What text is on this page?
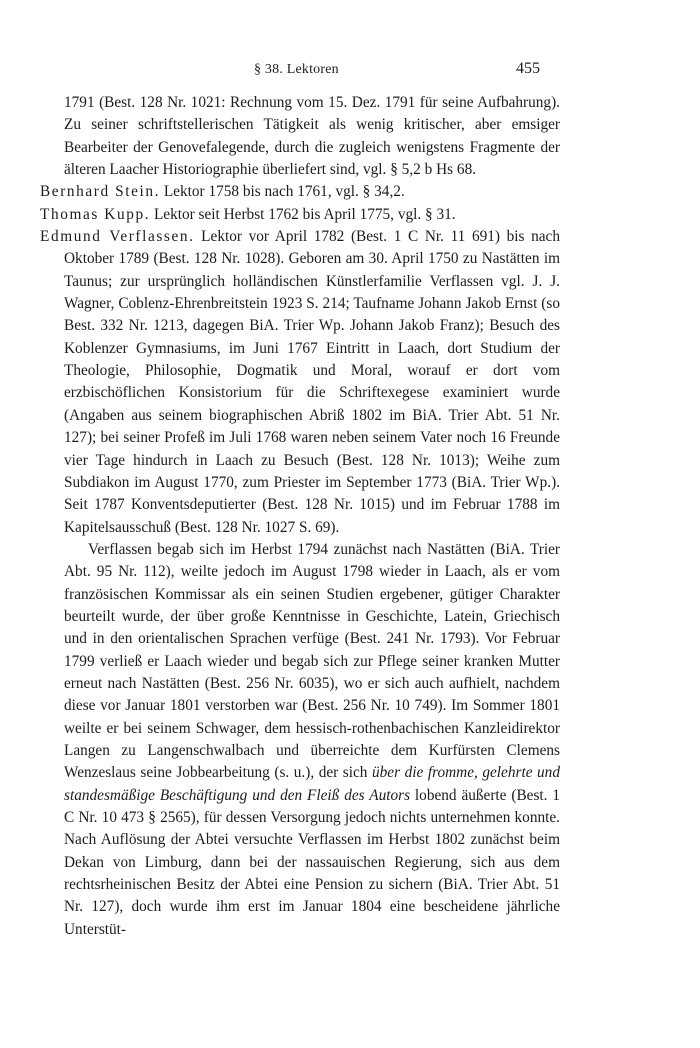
§ 38. Lektoren	455
1791 (Best. 128 Nr. 1021: Rechnung vom 15. Dez. 1791 für seine Aufbahrung). Zu seiner schriftstellerischen Tätigkeit als wenig kritischer, aber emsiger Bearbeiter der Genovefalegende, durch die zugleich wenigstens Fragmente der älteren Laacher Historiographie überliefert sind, vgl. § 5,2 b Hs 68.
Bernhard Stein. Lektor 1758 bis nach 1761, vgl. § 34,2.
Thomas Kupp. Lektor seit Herbst 1762 bis April 1775, vgl. § 31.
Edmund Verflassen. Lektor vor April 1782 (Best. 1 C Nr. 11 691) bis nach Oktober 1789 (Best. 128 Nr. 1028). Geboren am 30. April 1750 zu Nastätten im Taunus; zur ursprünglich holländischen Künstlerfamilie Verflassen vgl. J. J. Wagner, Coblenz-Ehrenbreitstein 1923 S. 214; Taufname Johann Jakob Ernst (so Best. 332 Nr. 1213, dagegen BiA. Trier Wp. Johann Jakob Franz); Besuch des Koblenzer Gymnasiums, im Juni 1767 Eintritt in Laach, dort Studium der Theologie, Philosophie, Dogmatik und Moral, worauf er dort vom erzbischöflichen Konsistorium für die Schriftexegese examiniert wurde (Angaben aus seinem biographischen Abriß 1802 im BiA. Trier Abt. 51 Nr. 127); bei seiner Profeß im Juli 1768 waren neben seinem Vater noch 16 Freunde vier Tage hindurch in Laach zu Besuch (Best. 128 Nr. 1013); Weihe zum Subdiakon im August 1770, zum Priester im September 1773 (BiA. Trier Wp.). Seit 1787 Konventsdeputierter (Best. 128 Nr. 1015) und im Februar 1788 im Kapitelsausschuß (Best. 128 Nr. 1027 S. 69).
Verflassen begab sich im Herbst 1794 zunächst nach Nastätten (BiA. Trier Abt. 95 Nr. 112), weilte jedoch im August 1798 wieder in Laach, als er vom französischen Kommissar als ein seinen Studien ergebener, gütiger Charakter beurteilt wurde, der über große Kenntnisse in Geschichte, Latein, Griechisch und in den orientalischen Sprachen verfüge (Best. 241 Nr. 1793). Vor Februar 1799 verließ er Laach wieder und begab sich zur Pflege seiner kranken Mutter erneut nach Nastätten (Best. 256 Nr. 6035), wo er sich auch aufhielt, nachdem diese vor Januar 1801 verstorben war (Best. 256 Nr. 10 749). Im Sommer 1801 weilte er bei seinem Schwager, dem hessisch-rothenbachischen Kanzleidirektor Langen zu Langenschwalbach und überreichte dem Kurfürsten Clemens Wenzeslaus seine Jobbearbeitung (s. u.), der sich über die fromme, gelehrte und standesmäßige Beschäftigung und den Fleiß des Autors lobend äußerte (Best. 1 C Nr. 10 473 § 2565), für dessen Versorgung jedoch nichts unternehmen konnte. Nach Auflösung der Abtei versuchte Verflassen im Herbst 1802 zunächst beim Dekan von Limburg, dann bei der nassauischen Regierung, sich aus dem rechtsrheinischen Besitz der Abtei eine Pension zu sichern (BiA. Trier Abt. 51 Nr. 127), doch wurde ihm erst im Januar 1804 eine bescheidene jährliche Unterstüt-
